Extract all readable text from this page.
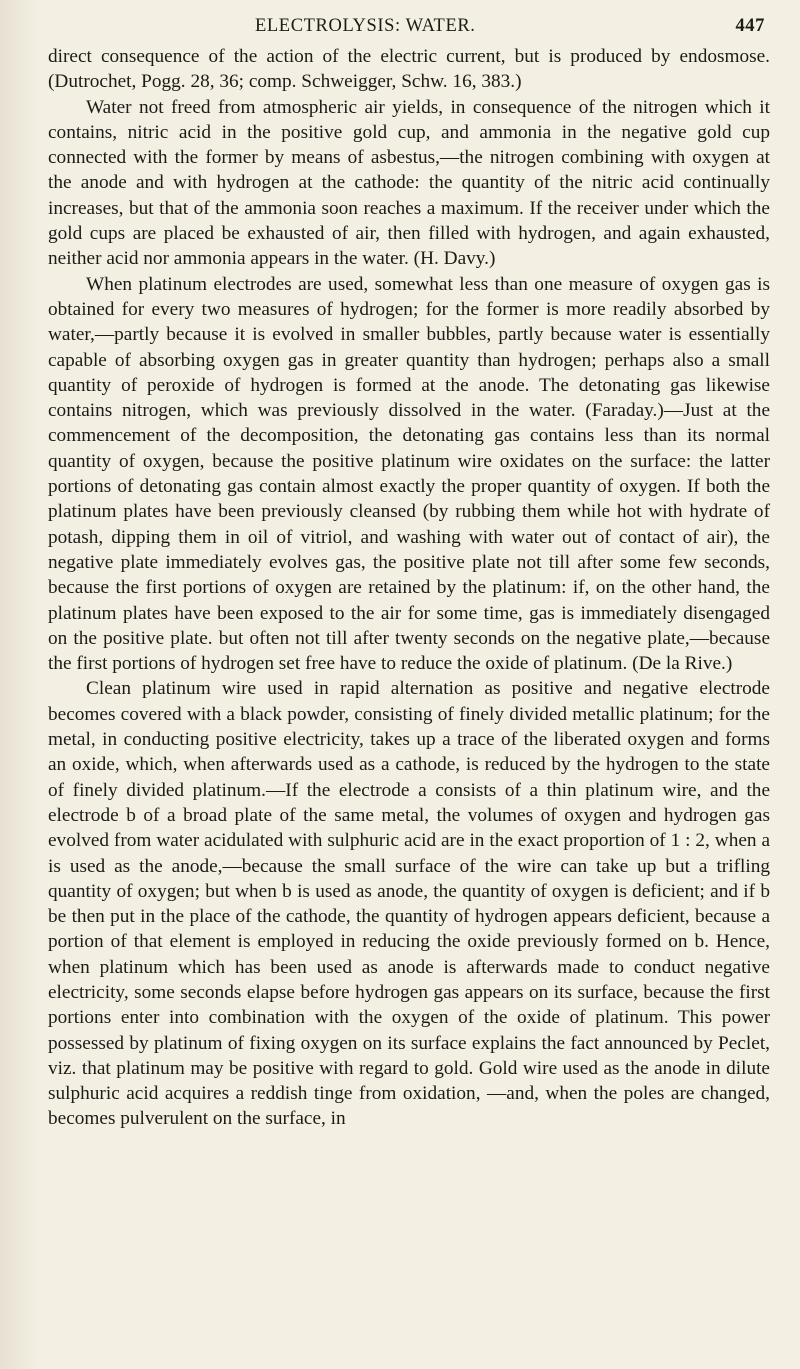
ELECTROLYSIS: WATER.	447

direct consequence of the action of the electric current, but is produced by endosmose. (Dutrochet, Pogg. 28, 36; comp. Schweigger, Schw. 16, 383.)

Water not freed from atmospheric air yields, in consequence of the nitrogen which it contains, nitric acid in the positive gold cup, and ammonia in the negative gold cup connected with the former by means of asbestus,—the nitrogen combining with oxygen at the anode and with hydrogen at the cathode: the quantity of the nitric acid continually increases, but that of the ammonia soon reaches a maximum. If the receiver under which the gold cups are placed be exhausted of air, then filled with hydrogen, and again exhausted, neither acid nor ammonia appears in the water. (H. Davy.)

When platinum electrodes are used, somewhat less than one measure of oxygen gas is obtained for every two measures of hydrogen; for the former is more readily absorbed by water,—partly because it is evolved in smaller bubbles, partly because water is essentially capable of absorbing oxygen gas in greater quantity than hydrogen; perhaps also a small quantity of peroxide of hydrogen is formed at the anode. The detonating gas likewise contains nitrogen, which was previously dissolved in the water. (Faraday.)—Just at the commencement of the decomposition, the detonating gas contains less than its normal quantity of oxygen, because the positive platinum wire oxidates on the surface: the latter portions of detonating gas contain almost exactly the proper quantity of oxygen. If both the platinum plates have been previously cleansed (by rubbing them while hot with hydrate of potash, dipping them in oil of vitriol, and washing with water out of contact of air), the negative plate immediately evolves gas, the positive plate not till after some few seconds, because the first portions of oxygen are retained by the platinum: if, on the other hand, the platinum plates have been exposed to the air for some time, gas is immediately disengaged on the positive plate. but often not till after twenty seconds on the negative plate,—because the first portions of hydrogen set free have to reduce the oxide of platinum. (De la Rive.)

Clean platinum wire used in rapid alternation as positive and negative electrode becomes covered with a black powder, consisting of finely divided metallic platinum; for the metal, in conducting positive electricity, takes up a trace of the liberated oxygen and forms an oxide, which, when afterwards used as a cathode, is reduced by the hydrogen to the state of finely divided platinum.—If the electrode a consists of a thin platinum wire, and the electrode b of a broad plate of the same metal, the volumes of oxygen and hydrogen gas evolved from water acidulated with sulphuric acid are in the exact proportion of 1 : 2, when a is used as the anode,—because the small surface of the wire can take up but a trifling quantity of oxygen; but when b is used as anode, the quantity of oxygen is deficient; and if b be then put in the place of the cathode, the quantity of hydrogen appears deficient, because a portion of that element is employed in reducing the oxide previously formed on b. Hence, when platinum which has been used as anode is afterwards made to conduct negative electricity, some seconds elapse before hydrogen gas appears on its surface, because the first portions enter into combination with the oxygen of the oxide of platinum. This power possessed by platinum of fixing oxygen on its surface explains the fact announced by Peclet, viz. that platinum may be positive with regard to gold. Gold wire used as the anode in dilute sulphuric acid acquires a reddish tinge from oxidation, —and, when the poles are changed, becomes pulverulent on the surface, in
